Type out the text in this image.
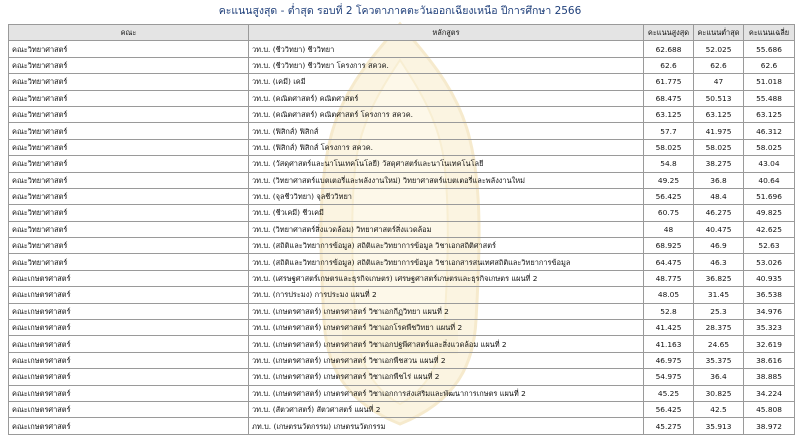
คะแนนสูงสุด - ต่ำสุด รอบที่ 2 โควตาภาคตะวันออกเฉียงเหนือ ปีการศึกษา 2566
คณะ	หลักสูตร	คะแนนสูงสุด	คะแนนต่ำสุด	คะแนนเฉลี่ย
คณะวิทยาศาสตร์	วท.บ. (ชีววิทยา) ชีววิทยา	62.688	52.025	55.686
คณะวิทยาศาสตร์	วท.บ. (ชีววิทยา) ชีววิทยา โครงการ สควค.	62.6	62.6	62.6
คณะวิทยาศาสตร์	วท.บ. (เคมี) เคมี	61.775	47	51.018
คณะวิทยาศาสตร์	วท.บ. (คณิตศาสตร์) คณิตศาสตร์	68.475	50.513	55.488
คณะวิทยาศาสตร์	วท.บ. (คณิตศาสตร์) คณิตศาสตร์ โครงการ สควค.	63.125	63.125	63.125
คณะวิทยาศาสตร์	วท.บ. (ฟิสิกส์) ฟิสิกส์	57.7	41.975	46.312
คณะวิทยาศาสตร์	วท.บ. (ฟิสิกส์) ฟิสิกส์ โครงการ สควค.	58.025	58.025	58.025
คณะวิทยาศาสตร์	วท.บ. (วัสดุศาสตร์และนาโนเทคโนโลยี) วัสดุศาสตร์และนาโนเทคโนโลยี	54.8	38.275	43.04
คณะวิทยาศาสตร์	วท.บ. (วิทยาศาสตร์แบตเตอรี่และพลังงานใหม่) วิทยาศาสตร์แบตเตอรี่และพลังงานใหม่	49.25	36.8	40.64
คณะวิทยาศาสตร์	วท.บ. (จุลชีววิทยา) จุลชีววิทยา	56.425	48.4	51.696
คณะวิทยาศาสตร์	วท.บ. (ชีวเคมี) ชีวเคมี	60.75	46.275	49.825
คณะวิทยาศาสตร์	วท.บ. (วิทยาศาสตร์สิ่งแวดล้อม) วิทยาศาสตร์สิ่งแวดล้อม	48	40.475	42.625
คณะวิทยาศาสตร์	วท.บ. (สถิติและวิทยาการข้อมูล) สถิติและวิทยาการข้อมูล วิชาเอกสถิติศาสตร์	68.925	46.9	52.63
คณะวิทยาศาสตร์	วท.บ. (สถิติและวิทยาการข้อมูล) สถิติและวิทยาการข้อมูล วิชาเอกสารสนเทศสถิติและวิทยาการข้อมูล	64.475	46.3	53.026
คณะเกษตรศาสตร์	วท.บ. (เศรษฐศาสตร์เกษตรและธุรกิจเกษตร) เศรษฐศาสตร์เกษตรและธุรกิจเกษตร แผนที่ 2	48.775	36.825	40.935
คณะเกษตรศาสตร์	วท.บ. (การประมง) การประมง แผนที่ 2	48.05	31.45	36.538
คณะเกษตรศาสตร์	วท.บ. (เกษตรศาสตร์) เกษตรศาสตร์ วิชาเอกกีฏวิทยา แผนที่ 2	52.8	25.3	34.976
คณะเกษตรศาสตร์	วท.บ. (เกษตรศาสตร์) เกษตรศาสตร์ วิชาเอกโรคพืชวิทยา แผนที่ 2	41.425	28.375	35.323
คณะเกษตรศาสตร์	วท.บ. (เกษตรศาสตร์) เกษตรศาสตร์ วิชาเอกปฐพีศาสตร์และสิ่งแวดล้อม แผนที่ 2	41.163	24.65	32.619
คณะเกษตรศาสตร์	วท.บ. (เกษตรศาสตร์) เกษตรศาสตร์ วิชาเอกพืชสวน แผนที่ 2	46.975	35.375	38.616
คณะเกษตรศาสตร์	วท.บ. (เกษตรศาสตร์) เกษตรศาสตร์ วิชาเอกพืชไร่ แผนที่ 2	54.975	36.4	38.885
คณะเกษตรศาสตร์	วท.บ. (เกษตรศาสตร์) เกษตรศาสตร์ วิชาเอกการส่งเสริมและพัฒนาการเกษตร แผนที่ 2	45.25	30.825	34.224
คณะเกษตรศาสตร์	วท.บ. (สัตวศาสตร์) สัตวศาสตร์ แผนที่ 2	56.425	42.5	45.808
คณะเกษตรศาสตร์	ภท.บ. (เกษตรนวัตกรรม) เกษตรนวัตกรรม	45.275	35.913	38.972
